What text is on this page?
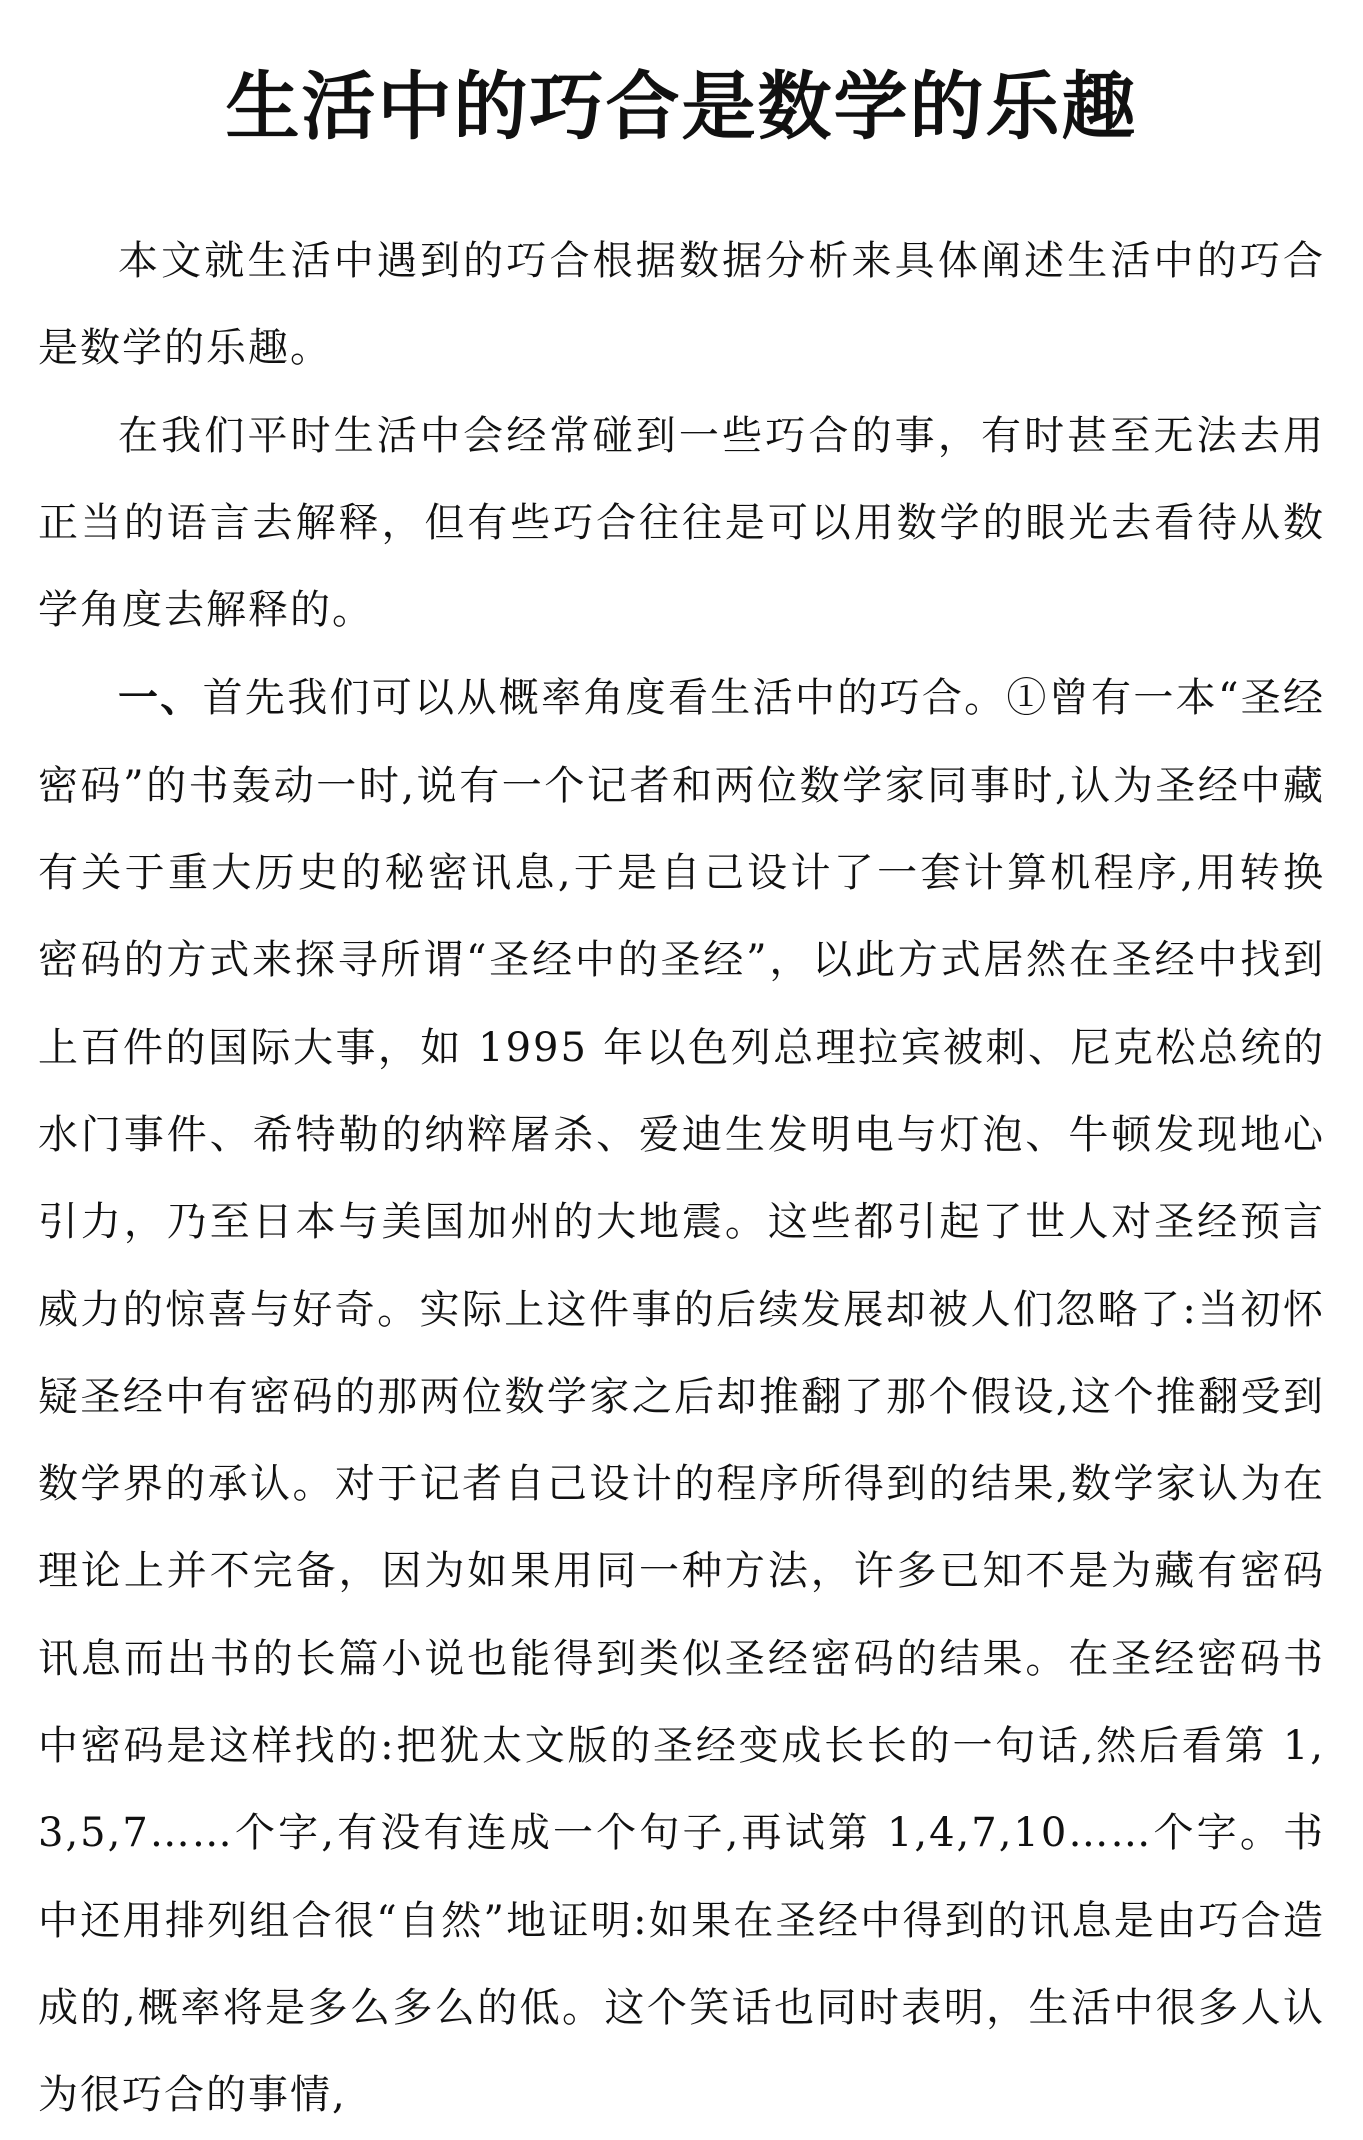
生活中的巧合是数学的乐趣

本文就生活中遇到的巧合根据数据分析来具体阐述生活中的巧合是数学的乐趣。

在我们平时生活中会经常碰到一些巧合的事，有时甚至无法去用正当的语言去解释，但有些巧合往往是可以用数学的眼光去看待从数学角度去解释的。

一、首先我们可以从概率角度看生活中的巧合。①曾有一本“圣经密码”的书轰动一时,说有一个记者和两位数学家同事时,认为圣经中藏有关于重大历史的秘密讯息,于是自己设计了一套计算机程序,用转换密码的方式来探寻所谓“圣经中的圣经”，以此方式居然在圣经中找到上百件的国际大事，如 1995 年以色列总理拉宾被刺、尼克松总统的水门事件、希特勒的纳粹屠杀、爱迪生发明电与灯泡、牛顿发现地心引力，乃至日本与美国加州的大地震。这些都引起了世人对圣经预言威力的惊喜与好奇。实际上这件事的后续发展却被人们忽略了:当初怀疑圣经中有密码的那两位数学家之后却推翻了那个假设,这个推翻受到数学界的承认。对于记者自己设计的程序所得到的结果,数学家认为在理论上并不完备，因为如果用同一种方法，许多已知不是为藏有密码讯息而出书的长篇小说也能得到类似圣经密码的结果。在圣经密码书中密码是这样找的:把犹太文版的圣经变成长长的一句话,然后看第 1,3,5,7……个字,有没有连成一个句子,再试第 1,4,7,10……个字。书中还用排列组合很“自然”地证明:如果在圣经中得到的讯息是由巧合造成的,概率将是多么多么的低。这个笑话也同时表明，生活中很多人认为很巧合的事情,
